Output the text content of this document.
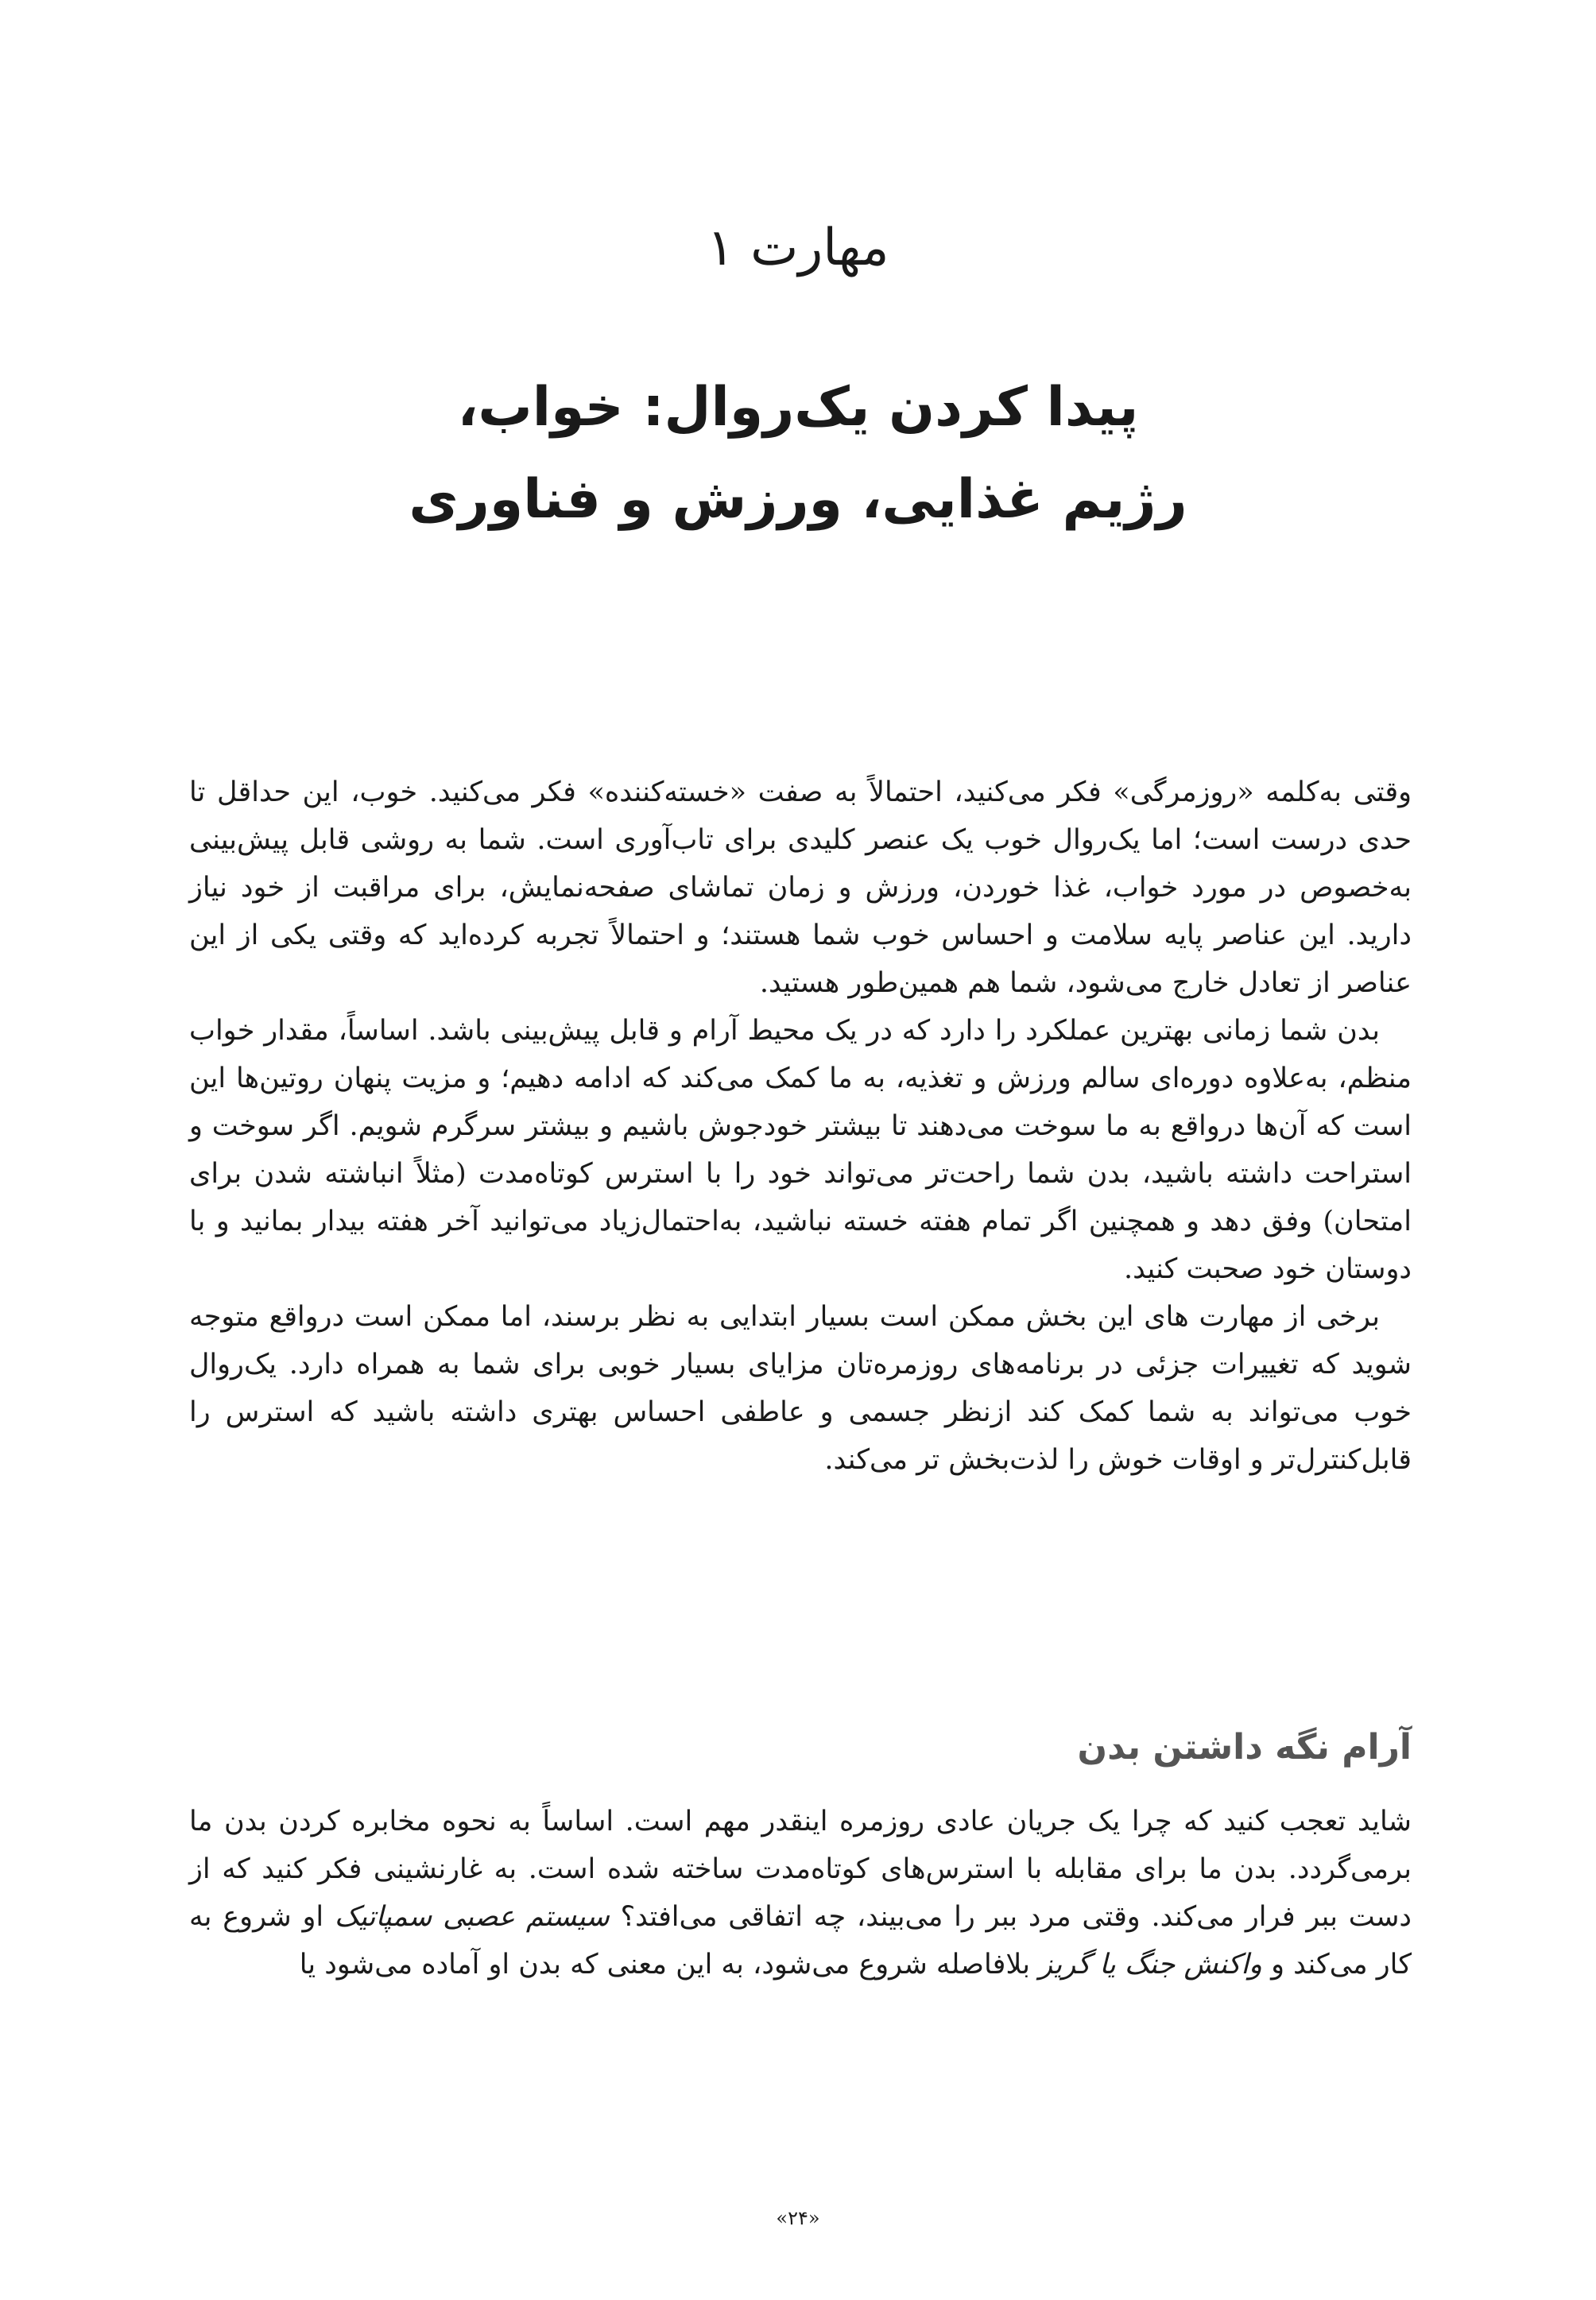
مهارت ۱
پیدا کردن یک‌روال: خواب،
رژیم غذایی، ورزش و فناوری

وقتی به‌کلمه «روزمرگی» فکر می‌کنید، احتمالاً به صفت «خسته‌کننده» فکر می‌کنید. خوب، این حداقل تا حدی درست است؛ اما یک‌روال خوب یک عنصر کلیدی برای تاب‌آوری است. شما به روشی قابل پیش‌بینی به‌خصوص در مورد خواب، غذا خوردن، ورزش و زمان تماشای صفحه‌نمایش، برای مراقبت از خود نیاز دارید. این عناصر پایه سلامت و احساس خوب شما هستند؛ و احتمالاً تجربه کرده‌اید که وقتی یکی از این عناصر از تعادل خارج می‌شود، شما هم همین‌طور هستید.

بدن شما زمانی بهترین عملکرد را دارد که در یک محیط آرام و قابل پیش‌بینی باشد. اساساً، مقدار خواب منظم، به‌علاوه دوره‌ای سالم ورزش و تغذیه، به ما کمک می‌کند که ادامه دهیم؛ و مزیت پنهان روتین‌ها این است که آن‌ها درواقع به ما سوخت می‌دهند تا بیشتر خودجوش باشیم و بیشتر سرگرم شویم. اگر سوخت و استراحت داشته باشید، بدن شما راحت‌تر می‌تواند خود را با استرس کوتاه‌مدت (مثلاً انباشته شدن برای امتحان) وفق دهد و همچنین اگر تمام هفته خسته نباشید، به‌احتمال‌زیاد می‌توانید آخر هفته بیدار بمانید و با دوستان خود صحبت کنید.

برخی از مهارت های این بخش ممکن است بسیار ابتدایی به نظر برسند، اما ممکن است درواقع متوجه شوید که تغییرات جزئی در برنامه‌های روزمره‌تان مزایای بسیار خوبی برای شما به همراه دارد. یک‌روال خوب می‌تواند به شما کمک کند ازنظر جسمی و عاطفی احساس بهتری داشته باشید که استرس را قابل‌کنترل‌تر و اوقات خوش را لذت‌بخش تر می‌کند.

آرام نگه داشتن بدن

شاید تعجب کنید که چرا یک جریان عادی روزمره اینقدر مهم است. اساساً به نحوه مخابره کردن بدن ما برمی‌گردد. بدن ما برای مقابله با استرس‌های کوتاه‌مدت ساخته شده است. به غارنشینی فکر کنید که از دست ببر فرار می‌کند. وقتی مرد ببر را می‌بیند، چه اتفاقی می‌افتد؟ سیستم عصبی سمپاتیک او شروع به کار می‌کند و واکنش جنگ یا گریز بلافاصله شروع می‌شود، به این معنی که بدن او آماده می‌شود یا

«۲۴»
